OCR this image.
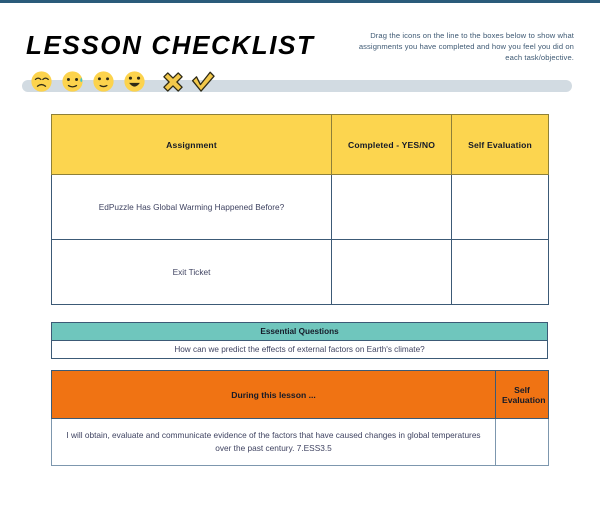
LESSON CHECKLIST	Drag the icons on the line to the boxes below to show what assignments you have completed and how you feel you did on each task/objective.
Assignment	Completed - YES/NO	Self Evaluation
EdPuzzle Has Global Warming Happened Before?		
Exit Ticket		
Essential Questions
How can we predict the effects of external factors on Earth's climate?
During this lesson ...	Self Evaluation
I will obtain, evaluate and communicate evidence of the factors that have caused changes in global temperatures over the past century. 7.ESS3.5	
